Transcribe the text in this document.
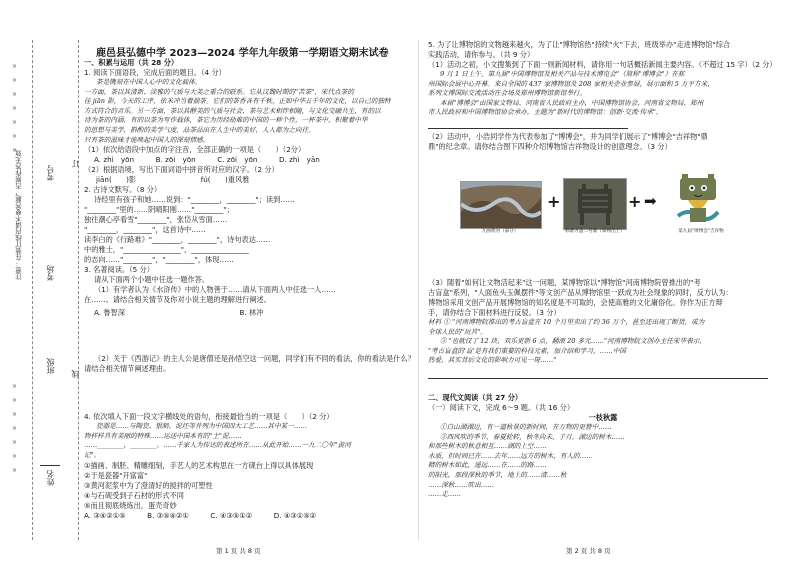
注意：在装订线内请不要答题，否则作答无效
姓名
班级
考场
考号
订
线
×
×
×
×
×
×
×
×
×
×
×
×
×
×
鹿邑县弘德中学 2023—2024 学年九年级第一学期语文期末试卷
一、积累与运用（共 28 分）
1. 阅读下面语段，完成后面的题目。（4 分）
茶是镌刻在中国人心中的文化载体。
一方面，茶以其清新、淡雅的气质与大美之重合的联系。它从汉魏时期的"苦茶"，宋代点茶的
佳 jiān 影，今天的工序，依米冲当着揣茶。它们的茶香各有千秋，正如中华五千年的文化，以自己的独特
方式符合的音乐。另一方面，茶以其醇美的气质与社会，茶与艺术相伴相随，与文化交融共生，有的以
诗为茶的内涵，有的以茶为写作载体，茶它为历经劫难的中国的一种个性，一杯茶中，积聚着中华
的思想与美学，斟酌的美学气度，品茶品出在人生中的美好，人人都为之向往。
只有茶的滋味才能唤起中国人的深刻情感。
（1）依次给语段中加点的字注音，全部正确的一项是（　　）（2分）
A. zhì　yōn　　　B. zōi　yōn　　　C. zōi　yōn　　　D. zhì　yān
（2）根据语境，写出下面词语中拼音所对应的汉字。（2 分）
jiān(　　)影	fú(　　)重风雅
2. 古诗文默写。（8 分）
诗经里有孩子和她……说到："________，________"；读到……
"________"里的……阴晴阳刚……"________"；
独往潮心亭看雪"________"，张岱从雪面……
"________，________"，这首诗中……
读李白的《行路难》"________，________"，诗句表达……
中的雅士，"________________"，________________
的志向……"________"，"________"，体现……
3. 名著阅读。（5 分）
请从下面两个小题中任选一题作答。
（1）有学者认为《水浒传》中的人物善于……请从下面两人中任选一人……
在……。请结合相关情节及你对小说主题的理解进行阐述。
A. 鲁智深	B. 林冲
（2）关于《西游记》的主人公是唐僧还是孙悟空这一问题，同学们有不同的看法，你的看法是什么？
请结合相关情节阐述理由。
4. 依次填入下面一段文字横线处的语句，衔接最恰当的一项是（　　）（2 分）
瓷器是……与陶瓷、银制、泥坯等并列为中国四大工艺……其中某一……
物样样具有美丽的特殊……运送中国本有的"土"泥……
……________，________。……千家人为传达的表述所在……从此开始……一九二〇年"黄河
记"。
①描画、制胚、精雕细刻，手艺人的艺术构思在一方砚台上得以具体展现
②于是瓷器"开富富"
③黄河泥浆中为了澄清好的搅拌的可塑性
④与石砚受到子石材的形式不同
⑤而且彻底烧炼出，蛋壳奇妙
A. ③④②①⑤　　　B. ③⑤④②①　　　C. ④③⑤①②　　　D. ④③①⑤②
5. 为了让博物馆的文物越来越火，为了让"博物馆热"持续"火"下去，班级举办"走进博物馆"综合
实践活动，请你参与。（共 9 分）
（1）活动之初，小文搜集到了下面一则新闻材料，请你用一句话概括新闻主要内容。（不超过 15 字）（2 分）
9 月 1 日上午，第九届"中国博物馆及相关产品与技术博览会"（简称"博博会"）在郑
州国际会展中心开幕。来自全国的 437 家博物馆及 208 家相关企业参展，展示面积 5 万平方米，
系列文博国际交流活动在会场及郑州博物馆新馆举行。
本届"博博会"由国家文物局、河南省人民政府主办，中国博物馆协会、河南省文物局、郑州
市人民政府和中国博物馆协会承办，主题为"新时代的博物馆：创新·交流·传承"。
（2）活动中，小浩同学作为代表参加了"博博会"，并为同学们展示了"博博会"吉祥物"鼎
鼎"的纪念章。请你结合图下四种介绍博物馆吉祥物设计的创意理念、（3 分）
九曲黄河（部分）
+
标准方盖二号鼎（郑州出土）
+ ➡
第九届"博博会"吉祥物
（3）随着"如何让文物活起来"这一问题，某博物馆以"博物馆"河南博物院曾推出的"考
古盲盒"系列，"人面鱼头玉佩摆件"等文创产品从博物馆里一跃成为社会现象的同时，反方认为：
博物馆采用文创产品开展博物馆的知名度是不可取的，会使高雅的文化庸俗化。你作为正方辩
手，请你结合下面材料进行反驳。（3 分）
材料 ① "河南博物院推出的考古盲盒在 10 个月里卖出了约 36 万个，甚至还出现了断货，成为
全球人民的"玩具"。
② "也就仅了 12 块，欢乐更新 6 点，翻滚 20 多元……"河南博物院文创办主任宋华表示，
"考古盲盒的'盲'是有我们重要的科技元素，加介绍和学习，……中国
热爱，其实背后文化的影响力可见一斑……"
二、现代文阅读（共 27 分）
（一）阅读下文，完成 6～9 题。（共 16 分）
一枝秋露
①白山湖湖边，有一道秋景的新时间，在万物的更替中……
②西风吹的季节，春夏轮转，秋冬尚未，子月，湖边的树木……
和那些树木的秋意相互……湖的上空……
水质，但时间已在……去年……远方的树木，有人的……
精的树木如此，遥远……在……的路……
的阳光，那段深秋的季节，地上的……清……秋
……深秋……吹出……
……走……
第 1 页 共 8 页	第 2 页 共 8 页
